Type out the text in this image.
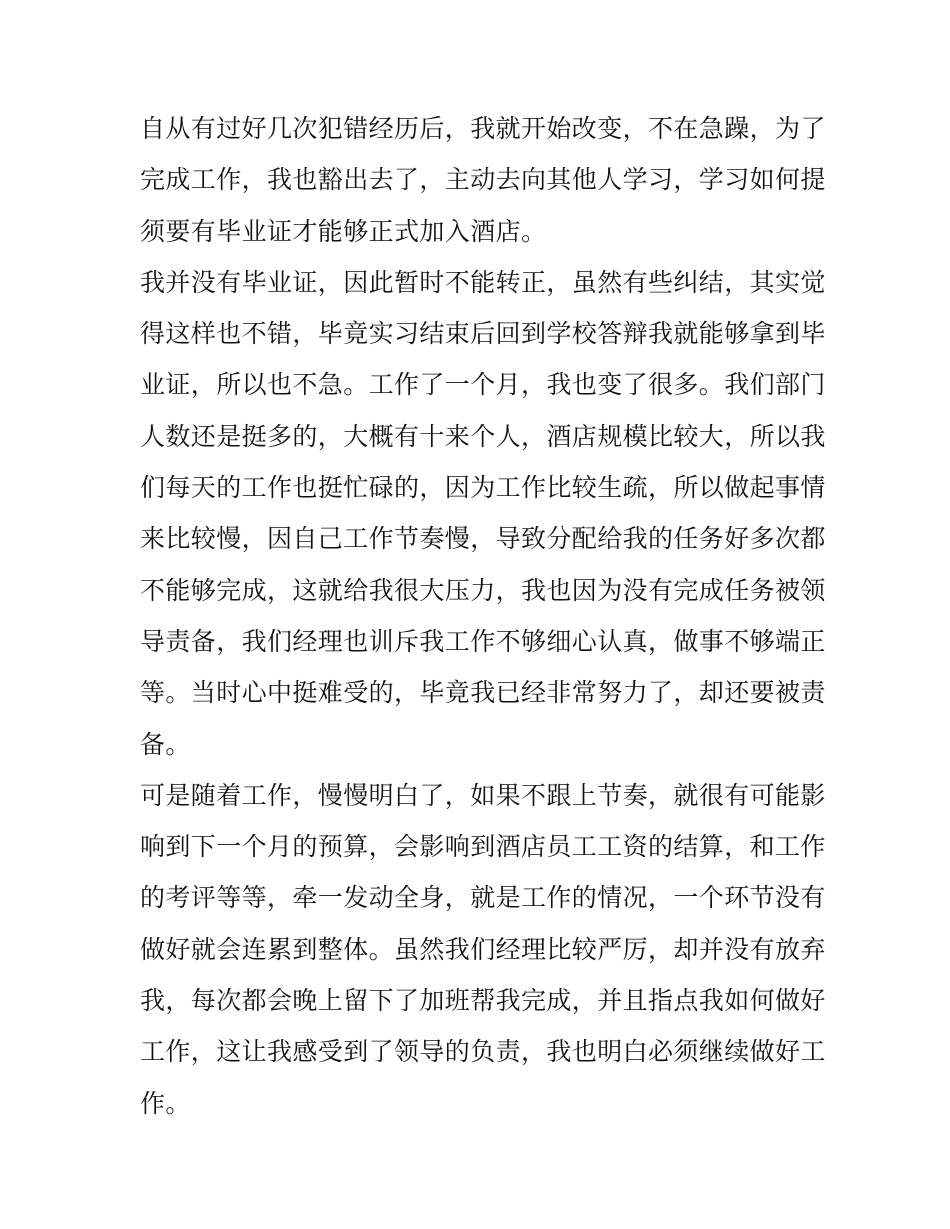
自从有过好几次犯错经历后，我就开始改变，不在急躁，为了
完成工作，我也豁出去了，主动去向其他人学习，学习如何提
须要有毕业证才能够正式加入酒店。
我并没有毕业证，因此暂时不能转正，虽然有些纠结，其实觉
得这样也不错，毕竟实习结束后回到学校答辩我就能够拿到毕
业证，所以也不急。工作了一个月，我也变了很多。我们部门
人数还是挺多的，大概有十来个人，酒店规模比较大，所以我
们每天的工作也挺忙碌的，因为工作比较生疏，所以做起事情
来比较慢，因自己工作节奏慢，导致分配给我的任务好多次都
不能够完成，这就给我很大压力，我也因为没有完成任务被领
导责备，我们经理也训斥我工作不够细心认真，做事不够端正
等。当时心中挺难受的，毕竟我已经非常努力了，却还要被责
备。
可是随着工作，慢慢明白了，如果不跟上节奏，就很有可能影
响到下一个月的预算，会影响到酒店员工工资的结算，和工作
的考评等等，牵一发动全身，就是工作的情况，一个环节没有
做好就会连累到整体。虽然我们经理比较严厉，却并没有放弃
我，每次都会晚上留下了加班帮我完成，并且指点我如何做好
工作，这让我感受到了领导的负责，我也明白必须继续做好工
作。
